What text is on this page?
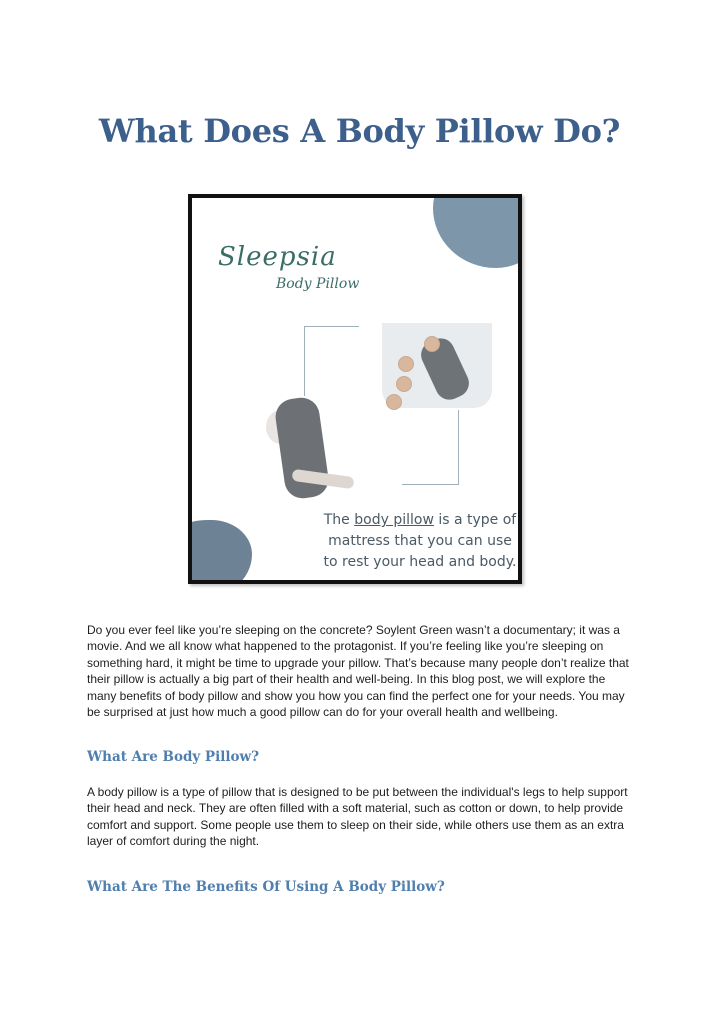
What Does A Body Pillow Do?
Sleepsia
Body Pillow
The body pillow is a type of mattress that you can use to rest your head and body.

Do you ever feel like you’re sleeping on the concrete? Soylent Green wasn’t a documentary; it was a movie. And we all know what happened to the protagonist. If you’re feeling like you’re sleeping on something hard, it might be time to upgrade your pillow. That’s because many people don’t realize that their pillow is actually a big part of their health and well-being. In this blog post, we will explore the many benefits of body pillow and show you how you can find the perfect one for your needs. You may be surprised at just how much a good pillow can do for your overall health and wellbeing.

What Are Body Pillow?

A body pillow is a type of pillow that is designed to be put between the individual's legs to help support their head and neck. They are often filled with a soft material, such as cotton or down, to help provide comfort and support. Some people use them to sleep on their side, while others use them as an extra layer of comfort during the night.

What Are The Benefits Of Using A Body Pillow?
